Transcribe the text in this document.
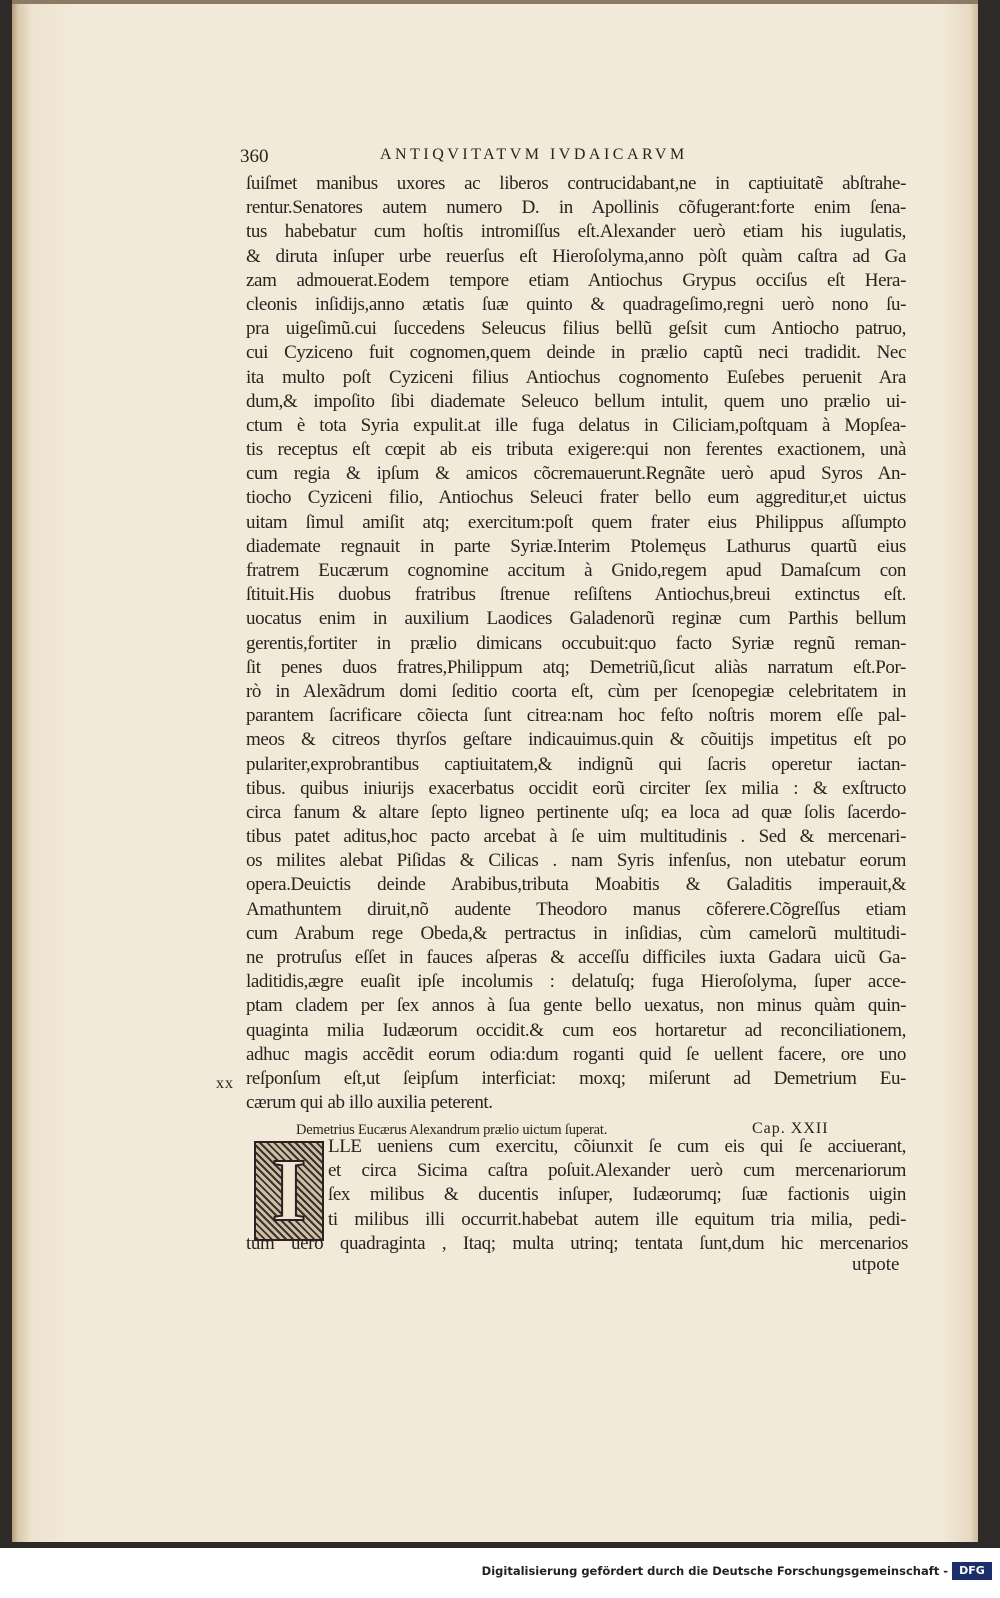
360	ANTIQVITATVM IVDAICARVM
ſuiſmet manibus uxores ac liberos contrucidabant,ne in captiuitatẽ abſtrahe-
rentur.Senatores autem numero D. in Apollinis cõfugerant:forte enim ſena-
tus habebatur cum hoſtis intromiſſus eſt.Alexander uerò etiam his iugulatis,
& diruta inſuper urbe reuerſus eſt Hieroſolyma,anno pòſt quàm caſtra ad Ga
zam admouerat.Eodem tempore etiam Antiochus Grypus occiſus eſt Hera-
cleonis inſidijs,anno ætatis ſuæ quinto & quadrageſimo,regni uerò nono ſu-
pra uigeſimũ.cui ſuccedens Seleucus filius bellũ geſsit cum Antiocho patruo,
cui Cyziceno fuit cognomen,quem deinde in prælio captũ neci tradidit. Nec
ita multo poſt Cyziceni filius Antiochus cognomento Euſebes peruenit Ara
dum,& impoſito ſibi diademate Seleuco bellum intulit, quem uno prælio ui-
ctum è tota Syria expulit.at ille fuga delatus in Ciliciam,poſtquam à Mopſea-
tis receptus eſt cœpit ab eis tributa exigere:qui non ferentes exactionem, unà
cum regia & ipſum & amicos cõcremauerunt.Regnãte uerò apud Syros An-
tiocho Cyziceni filio, Antiochus Seleuci frater bello eum aggreditur,et uictus
uitam ſimul amiſit atq; exercitum:poſt quem frater eius Philippus aſſumpto
diademate regnauit in parte Syriæ.Interim Ptolemęus Lathurus quartũ eius
fratrem Eucærum cognomine accitum à Gnido,regem apud Damaſcum con
ſtituit.His duobus fratribus ſtrenue reſiſtens Antiochus,breui extinctus eſt.
uocatus enim in auxilium Laodices Galadenorũ reginæ cum Parthis bellum
gerentis,fortiter in prælio dimicans occubuit:quo facto Syriæ regnũ reman-
ſit penes duos fratres,Philippum atq; Demetriũ,ſicut aliàs narratum eſt.Por-
rò in Alexãdrum domi ſeditio coorta eſt, cùm per ſcenopegiæ celebritatem in
parantem ſacrificare cõiecta ſunt citrea:nam hoc feſto noſtris morem eſſe pal-
meos & citreos thyrſos geſtare indicauimus.quin & cõuitijs impetitus eſt po
pulariter,exprobrantibus captiuitatem,& indignũ qui ſacris operetur iactan-
tibus. quibus iniurijs exacerbatus occidit eorũ circiter ſex milia : & exſtructo
circa fanum & altare ſepto ligneo pertinente uſq; ea loca ad quæ ſolis ſacerdo-
tibus patet aditus,hoc pacto arcebat à ſe uim multitudinis . Sed & mercenari-
os milites alebat Piſidas & Cilicas . nam Syris infenſus, non utebatur eorum
opera.Deuictis deinde Arabibus,tributa Moabitis & Galaditis imperauit,&
Amathuntem diruit,nõ audente Theodoro manus cõferere.Cõgreſſus etiam
cum Arabum rege Obeda,& pertractus in inſidias, cùm camelorũ multitudi-
ne protruſus eſſet in fauces aſperas & acceſſu difficiles iuxta Gadara uicũ Ga-
laditidis,ægre euaſit ipſe incolumis : delatuſq; fuga Hieroſolyma, ſuper acce-
ptam cladem per ſex annos à ſua gente bello uexatus, non minus quàm quin-
quaginta milia Iudæorum occidit.& cum eos hortaretur ad reconciliationem,
adhuc magis accẽdit eorum odia:dum roganti quid ſe uellent facere, ore uno
reſponſum eſt,ut ſeipſum interficiat: moxq; miſerunt ad Demetrium Eu-
cærum qui ab illo auxilia peterent.
xx
Demetrius Eucærus Alexandrum prælio uictum ſuperat.	Cap. XXII
I	LLE ueniens cum exercitu, cõiunxit ſe cum eis qui ſe acciuerant,
et circa Sicima caſtra poſuit.Alexander uerò cum mercenariorum
ſex milibus & ducentis inſuper, Iudæorumq; ſuæ factionis uigin
ti milibus illi occurrit.habebat autem ille equitum tria milia, pedi-
tum uero quadraginta , Itaq; multa utrinq; tentata ſunt,dum hic mercenarios
utpote
Digitalisierung gefördert durch die Deutsche Forschungsgemeinschaft -	DFG
